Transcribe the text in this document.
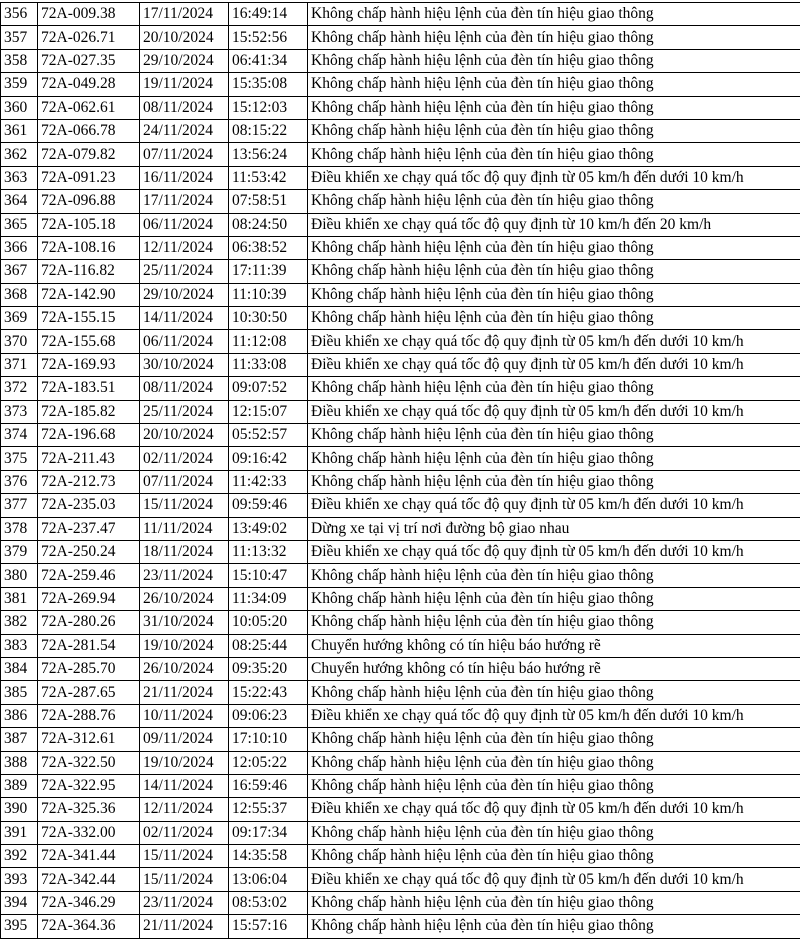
356	72A-009.38	17/11/2024	16:49:14	Không chấp hành hiệu lệnh của đèn tín hiệu giao thông
357	72A-026.71	20/10/2024	15:52:56	Không chấp hành hiệu lệnh của đèn tín hiệu giao thông
358	72A-027.35	29/10/2024	06:41:34	Không chấp hành hiệu lệnh của đèn tín hiệu giao thông
359	72A-049.28	19/11/2024	15:35:08	Không chấp hành hiệu lệnh của đèn tín hiệu giao thông
360	72A-062.61	08/11/2024	15:12:03	Không chấp hành hiệu lệnh của đèn tín hiệu giao thông
361	72A-066.78	24/11/2024	08:15:22	Không chấp hành hiệu lệnh của đèn tín hiệu giao thông
362	72A-079.82	07/11/2024	13:56:24	Không chấp hành hiệu lệnh của đèn tín hiệu giao thông
363	72A-091.23	16/11/2024	11:53:42	Điều khiển xe chạy quá tốc độ quy định từ 05 km/h đến dưới 10 km/h
364	72A-096.88	17/11/2024	07:58:51	Không chấp hành hiệu lệnh của đèn tín hiệu giao thông
365	72A-105.18	06/11/2024	08:24:50	Điều khiển xe chạy quá tốc độ quy định từ 10 km/h đến 20 km/h
366	72A-108.16	12/11/2024	06:38:52	Không chấp hành hiệu lệnh của đèn tín hiệu giao thông
367	72A-116.82	25/11/2024	17:11:39	Không chấp hành hiệu lệnh của đèn tín hiệu giao thông
368	72A-142.90	29/10/2024	11:10:39	Không chấp hành hiệu lệnh của đèn tín hiệu giao thông
369	72A-155.15	14/11/2024	10:30:50	Không chấp hành hiệu lệnh của đèn tín hiệu giao thông
370	72A-155.68	06/11/2024	11:12:08	Điều khiển xe chạy quá tốc độ quy định từ 05 km/h đến dưới 10 km/h
371	72A-169.93	30/10/2024	11:33:08	Điều khiển xe chạy quá tốc độ quy định từ 05 km/h đến dưới 10 km/h
372	72A-183.51	08/11/2024	09:07:52	Không chấp hành hiệu lệnh của đèn tín hiệu giao thông
373	72A-185.82	25/11/2024	12:15:07	Điều khiển xe chạy quá tốc độ quy định từ 05 km/h đến dưới 10 km/h
374	72A-196.68	20/10/2024	05:52:57	Không chấp hành hiệu lệnh của đèn tín hiệu giao thông
375	72A-211.43	02/11/2024	09:16:42	Không chấp hành hiệu lệnh của đèn tín hiệu giao thông
376	72A-212.73	07/11/2024	11:42:33	Không chấp hành hiệu lệnh của đèn tín hiệu giao thông
377	72A-235.03	15/11/2024	09:59:46	Điều khiển xe chạy quá tốc độ quy định từ 05 km/h đến dưới 10 km/h
378	72A-237.47	11/11/2024	13:49:02	Dừng xe tại vị trí nơi đường bộ giao nhau
379	72A-250.24	18/11/2024	11:13:32	Điều khiển xe chạy quá tốc độ quy định từ 05 km/h đến dưới 10 km/h
380	72A-259.46	23/11/2024	15:10:47	Không chấp hành hiệu lệnh của đèn tín hiệu giao thông
381	72A-269.94	26/10/2024	11:34:09	Không chấp hành hiệu lệnh của đèn tín hiệu giao thông
382	72A-280.26	31/10/2024	10:05:20	Không chấp hành hiệu lệnh của đèn tín hiệu giao thông
383	72A-281.54	19/10/2024	08:25:44	Chuyển hướng không có tín hiệu báo hướng rẽ
384	72A-285.70	26/10/2024	09:35:20	Chuyển hướng không có tín hiệu báo hướng rẽ
385	72A-287.65	21/11/2024	15:22:43	Không chấp hành hiệu lệnh của đèn tín hiệu giao thông
386	72A-288.76	10/11/2024	09:06:23	Điều khiển xe chạy quá tốc độ quy định từ 05 km/h đến dưới 10 km/h
387	72A-312.61	09/11/2024	17:10:10	Không chấp hành hiệu lệnh của đèn tín hiệu giao thông
388	72A-322.50	19/10/2024	12:05:22	Không chấp hành hiệu lệnh của đèn tín hiệu giao thông
389	72A-322.95	14/11/2024	16:59:46	Không chấp hành hiệu lệnh của đèn tín hiệu giao thông
390	72A-325.36	12/11/2024	12:55:37	Điều khiển xe chạy quá tốc độ quy định từ 05 km/h đến dưới 10 km/h
391	72A-332.00	02/11/2024	09:17:34	Không chấp hành hiệu lệnh của đèn tín hiệu giao thông
392	72A-341.44	15/11/2024	14:35:58	Không chấp hành hiệu lệnh của đèn tín hiệu giao thông
393	72A-342.44	15/11/2024	13:06:04	Điều khiển xe chạy quá tốc độ quy định từ 05 km/h đến dưới 10 km/h
394	72A-346.29	23/11/2024	08:53:02	Không chấp hành hiệu lệnh của đèn tín hiệu giao thông
395	72A-364.36	21/11/2024	15:57:16	Không chấp hành hiệu lệnh của đèn tín hiệu giao thông
